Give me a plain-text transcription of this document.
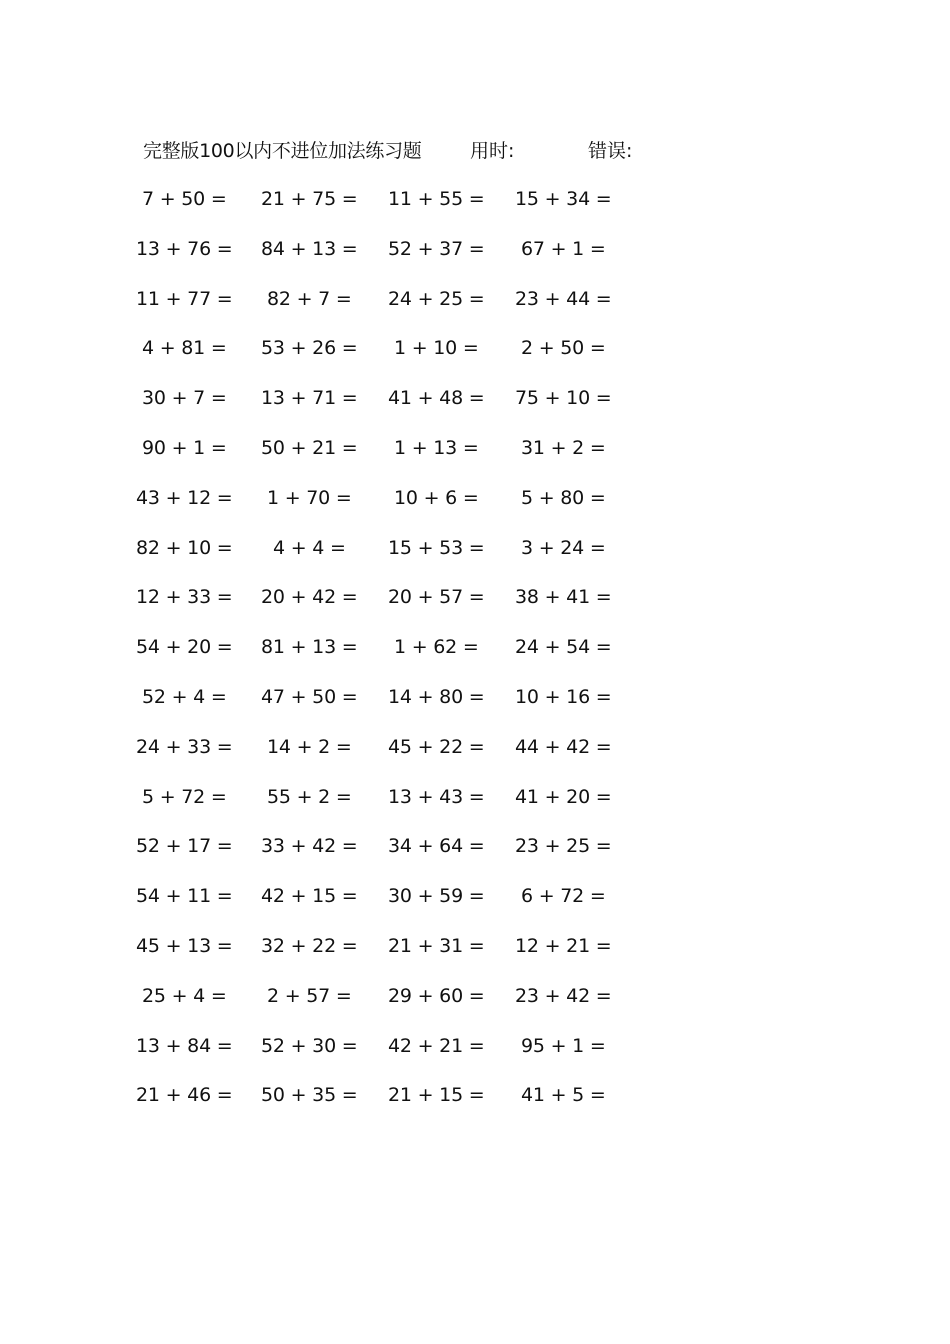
完整版100以内不进位加法练习题	用时:	错误:
7 + 50 = 21 + 75 = 11 + 55 = 15 + 34 =
13 + 76 = 84 + 13 = 52 + 37 = 67 + 1 =
11 + 77 = 82 + 7 = 24 + 25 = 23 + 44 =
4 + 81 = 53 + 26 = 1 + 10 = 2 + 50 =
30 + 7 = 13 + 71 = 41 + 48 = 75 + 10 =
90 + 1 = 50 + 21 = 1 + 13 = 31 + 2 =
43 + 12 = 1 + 70 = 10 + 6 = 5 + 80 =
82 + 10 = 4 + 4 = 15 + 53 = 3 + 24 =
12 + 33 = 20 + 42 = 20 + 57 = 38 + 41 =
54 + 20 = 81 + 13 = 1 + 62 = 24 + 54 =
52 + 4 = 47 + 50 = 14 + 80 = 10 + 16 =
24 + 33 = 14 + 2 = 45 + 22 = 44 + 42 =
5 + 72 = 55 + 2 = 13 + 43 = 41 + 20 =
52 + 17 = 33 + 42 = 34 + 64 = 23 + 25 =
54 + 11 = 42 + 15 = 30 + 59 = 6 + 72 =
45 + 13 = 32 + 22 = 21 + 31 = 12 + 21 =
25 + 4 = 2 + 57 = 29 + 60 = 23 + 42 =
13 + 84 = 52 + 30 = 42 + 21 = 95 + 1 =
21 + 46 = 50 + 35 = 21 + 15 = 41 + 5 =
